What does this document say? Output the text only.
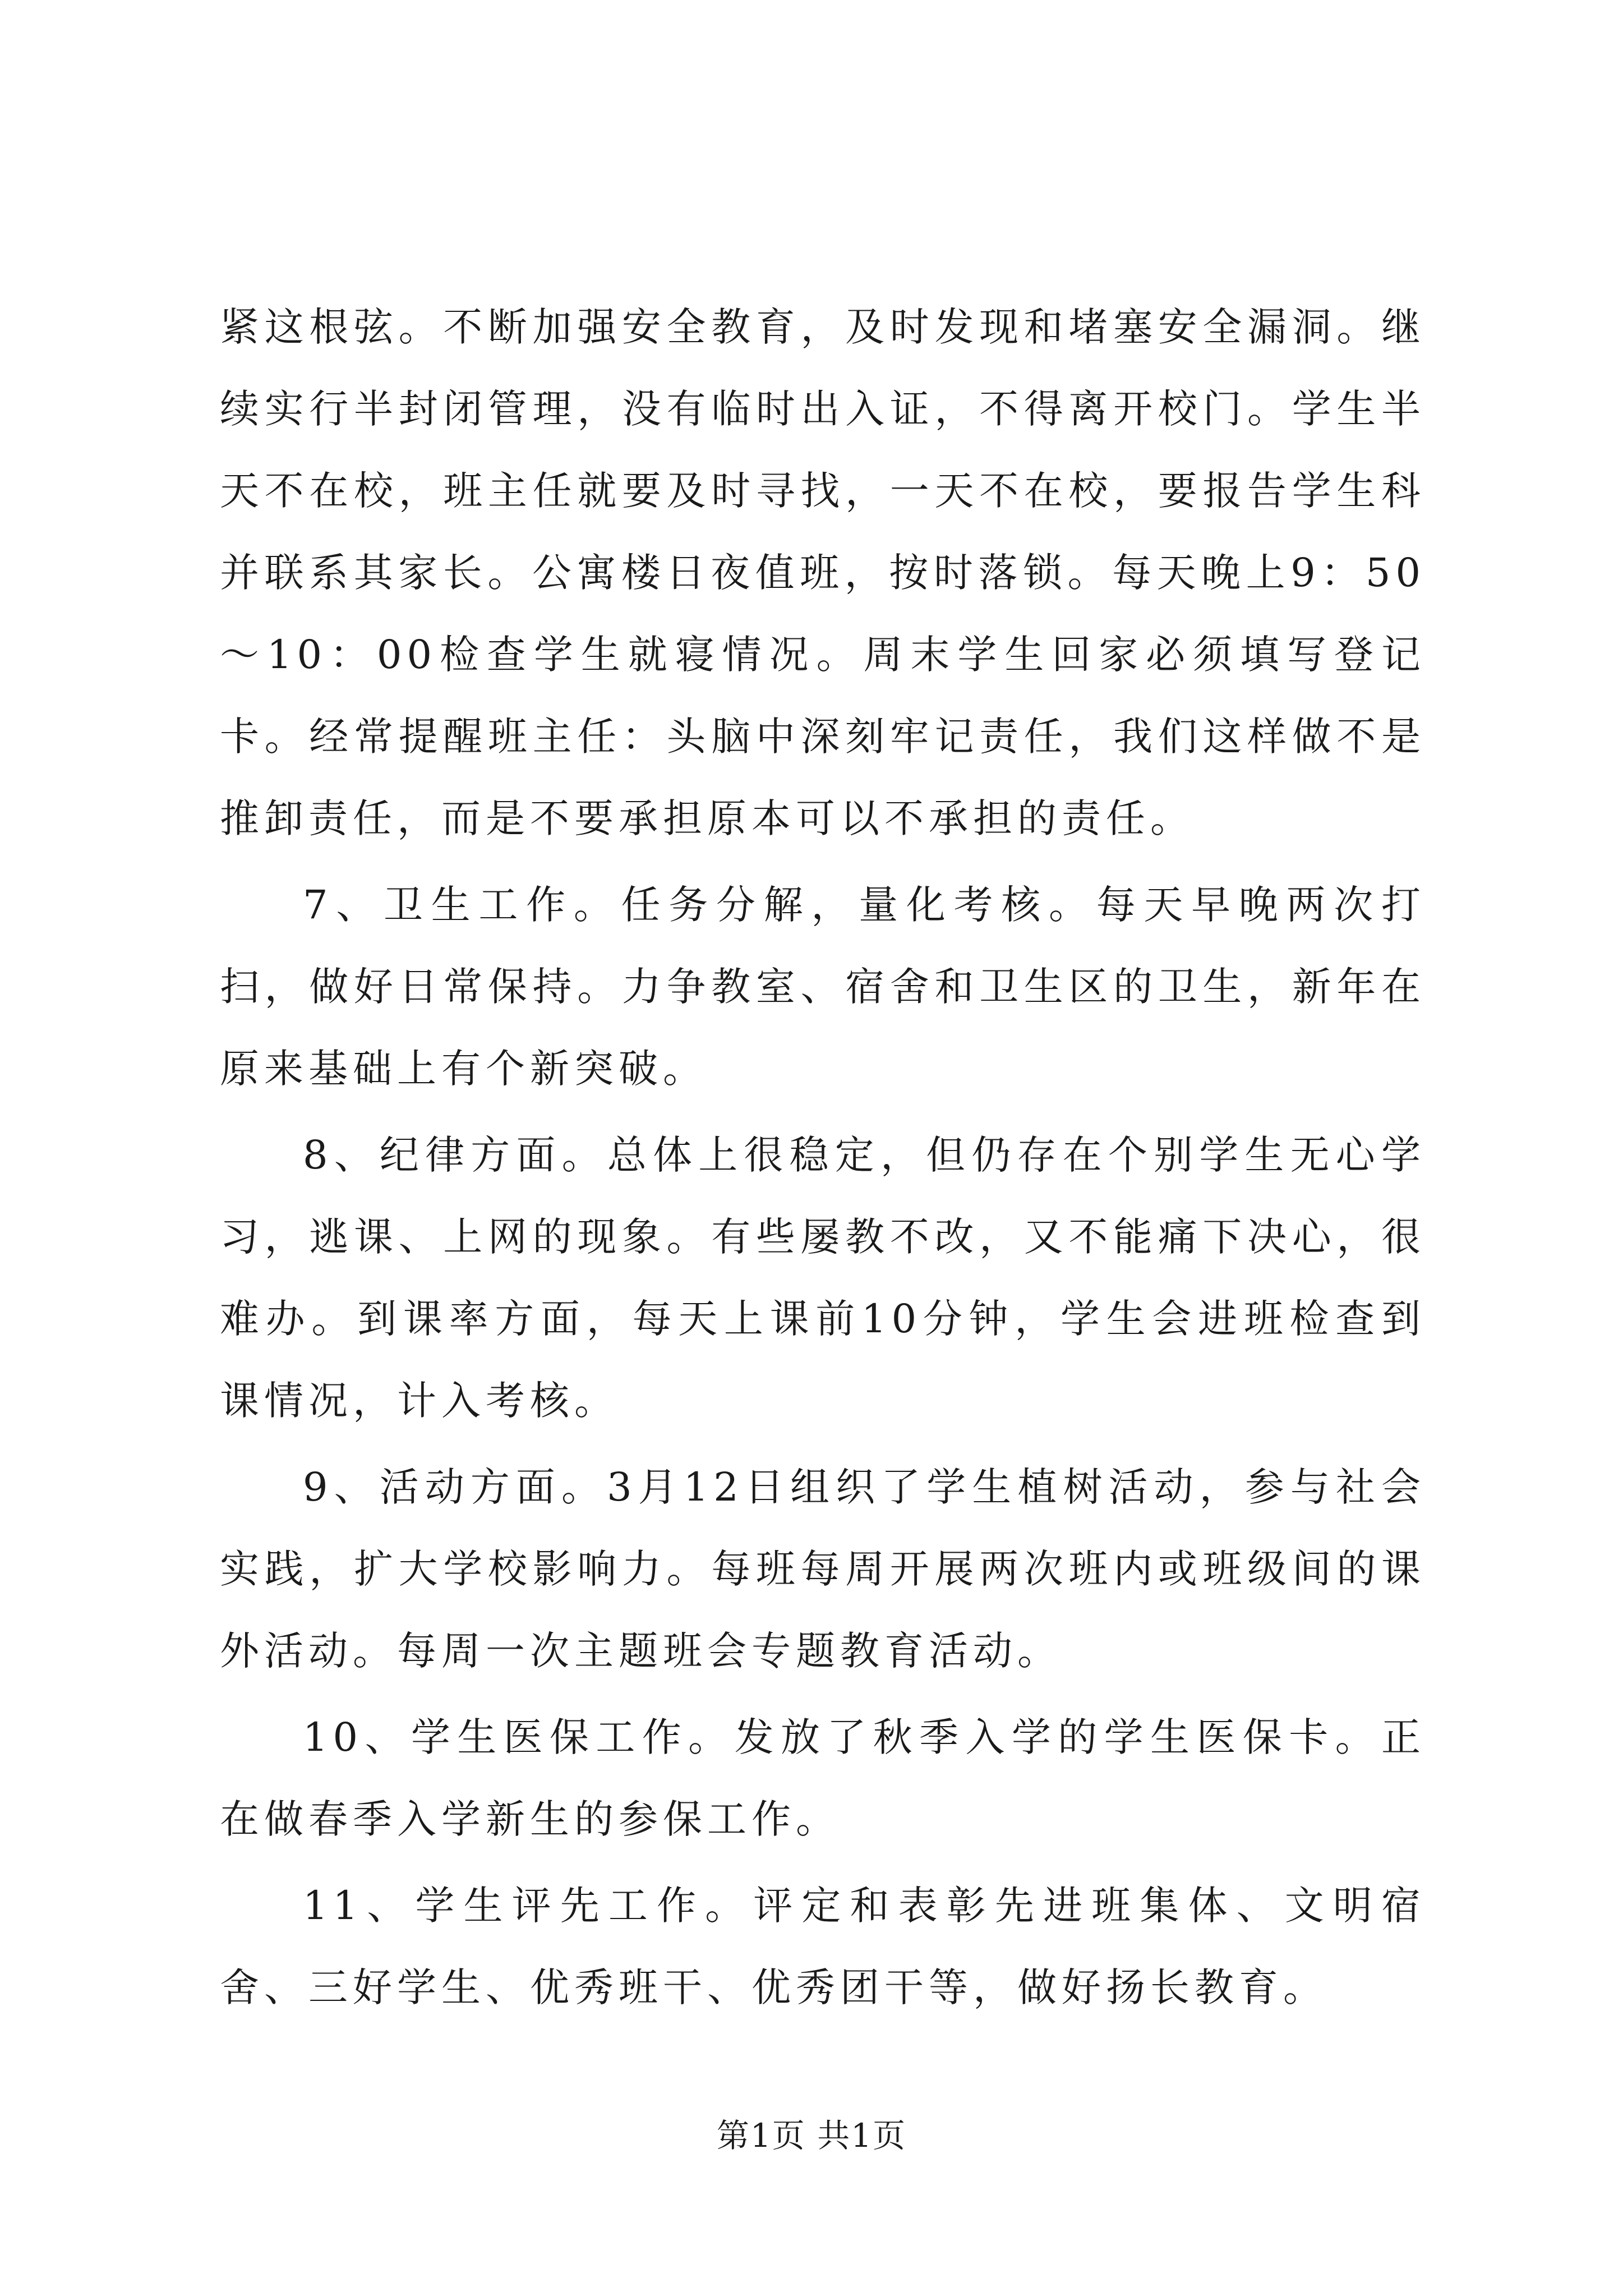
紧这根弦。不断加强安全教育，及时发现和堵塞安全漏洞。继续实行半封闭管理，没有临时出入证，不得离开校门。学生半天不在校，班主任就要及时寻找，一天不在校，要报告学生科并联系其家长。公寓楼日夜值班，按时落锁。每天晚上9：50～10：00检查学生就寝情况。周末学生回家必须填写登记卡。经常提醒班主任：头脑中深刻牢记责任，我们这样做不是推卸责任，而是不要承担原本可以不承担的责任。

7、卫生工作。任务分解，量化考核。每天早晚两次打扫，做好日常保持。力争教室、宿舍和卫生区的卫生，新年在原来基础上有个新突破。

8、纪律方面。总体上很稳定，但仍存在个别学生无心学习，逃课、上网的现象。有些屡教不改，又不能痛下决心，很难办。到课率方面，每天上课前10分钟，学生会进班检查到课情况，计入考核。

9、活动方面。3月12日组织了学生植树活动，参与社会实践，扩大学校影响力。每班每周开展两次班内或班级间的课外活动。每周一次主题班会专题教育活动。

10、学生医保工作。发放了秋季入学的学生医保卡。正在做春季入学新生的参保工作。

11、学生评先工作。评定和表彰先进班集体、文明宿舍、三好学生、优秀班干、优秀团干等，做好扬长教育。

第1页 共1页
